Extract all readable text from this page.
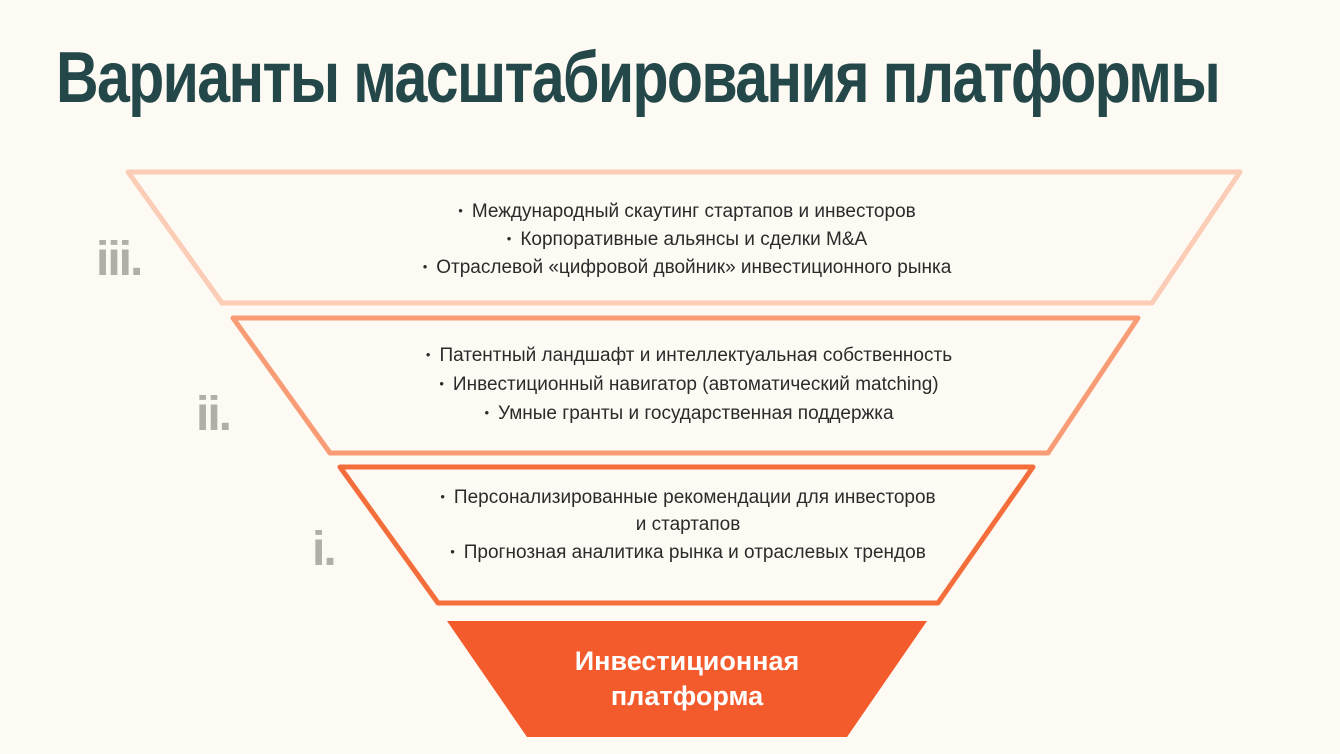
Варианты масштабирования платформы
iii.
ii.
i.
• Международный скаутинг стартапов и инвесторов
• Корпоративные альянсы и сделки M&A
• Отраслевой «цифровой двойник» инвестиционного рынка
• Патентный ландшафт и интеллектуальная собственность
• Инвестиционный навигатор (автоматический matching)
• Умные гранты и государственная поддержка
• Персонализированные рекомендации для инвесторов и стартапов
• Прогнозная аналитика рынка и отраслевых трендов
Инвестиционная платформа
